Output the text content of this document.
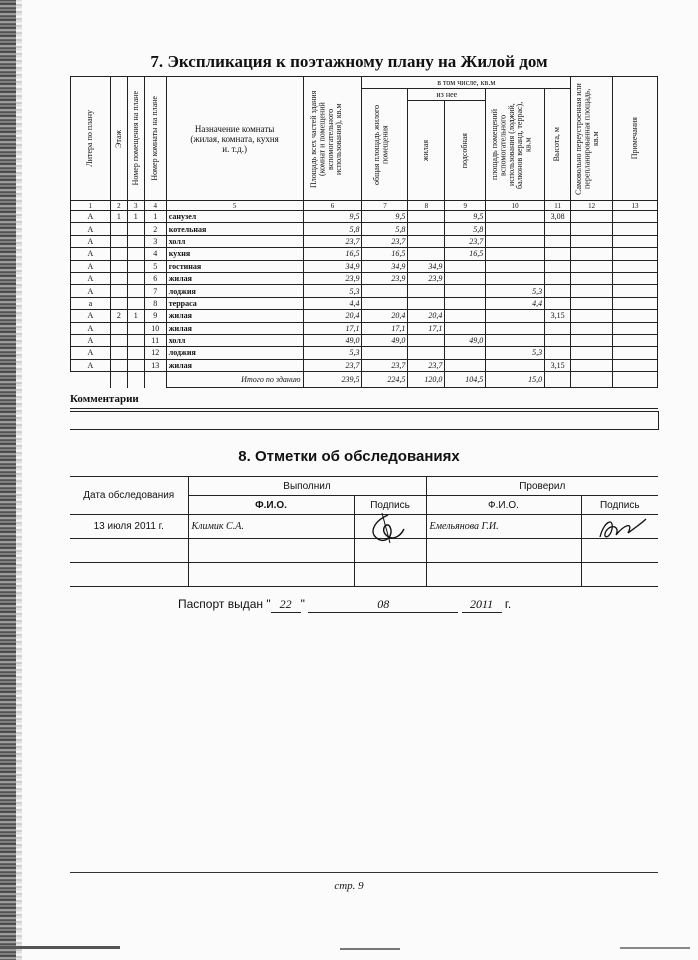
7. Экспликация к поэтажному плану на Жилой дом
Литера по плану	Этаж	Номер помещения на плане	Номер комнаты на плане	Назначение комнаты (жилая, комната, кухня и. т.д.)	Площадь всех частей здания (комнат и помещений вспомогательного использования), кв.м	в том числе, кв.м					Самовольно переустроенная или перепланированная площадь, кв.м	Примечания

						общая площадь жилого помещения	из нее		площадь помещений вспомогательного использования (лоджий, балконов веранд, террас), кв.м	Высота, м		

							жилая	подсобная				

1	2	3	4	5	6	7	8	9	10	11	12	13
А	1	1	1	санузел	9,5	9,5		9,5		3,08		
А			2	котельная	5,8	5,8		5,8				
А			3	холл	23,7	23,7		23,7				
А			4	кухня	16,5	16,5		16,5				
А			5	гостиная	34,9	34,9	34,9					
А			6	жилая	23,9	23,9	23,9					
А			7	лоджия	5,3				5,3			
а			8	терраса	4,4				4,4			
А	2	1	9	жилая	20,4	20,4	20,4			3,15		
А			10	жилая	17,1	17,1	17,1					
А			11	холл	49,0	49,0		49,0				
А			12	лоджия	5,3				5,3			
А			13	жилая	23,7	23,7	23,7			3,15		
				Итого по зданию	239,5	224,5	120,0	104,5	15,0			
Комментарии
8. Отметки об обследованиях
Дата обследования	Выполнил		Проверил	
	Ф.И.О.	Подпись	Ф.И.О.	Подпись
13 июля 2011 г.	Климик С.А.		Емельянова Г.И.	

Паспорт выдан " 22 "	08	2011 г.
стр. 9
